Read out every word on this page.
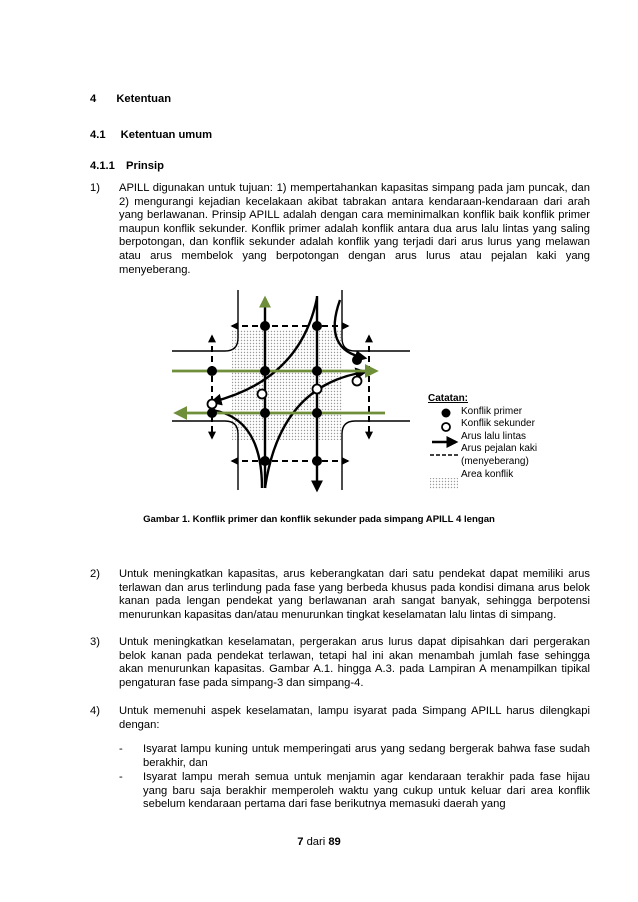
4 Ketentuan
4.1 Ketentuan umum
4.1.1 Prinsip
1) APILL digunakan untuk tujuan: 1) mempertahankan kapasitas simpang pada jam puncak, dan 2) mengurangi kejadian kecelakaan akibat tabrakan antara kendaraan-kendaraan dari arah yang berlawanan. Prinsip APILL adalah dengan cara meminimalkan konflik baik konflik primer maupun konflik sekunder. Konflik primer adalah konflik antara dua arus lalu lintas yang saling berpotongan, dan konflik sekunder adalah konflik yang terjadi dari arus lurus yang melawan atau arus membelok yang berpotongan dengan arus lurus atau pejalan kaki yang menyeberang.
Catatan:
Konflik primer
Konflik sekunder
Arus lalu lintas
Arus pejalan kaki
(menyeberang)
Area konflik
Gambar 1. Konflik primer dan konflik sekunder pada simpang APILL 4 lengan
2) Untuk meningkatkan kapasitas, arus keberangkatan dari satu pendekat dapat memiliki arus terlawan dan arus terlindung pada fase yang berbeda khusus pada kondisi dimana arus belok kanan pada lengan pendekat yang berlawanan arah sangat banyak, sehingga berpotensi menurunkan kapasitas dan/atau menurunkan tingkat keselamatan lalu lintas di simpang.
3) Untuk meningkatkan keselamatan, pergerakan arus lurus dapat dipisahkan dari pergerakan belok kanan pada pendekat terlawan, tetapi hal ini akan menambah jumlah fase sehingga akan menurunkan kapasitas. Gambar A.1. hingga A.3. pada Lampiran A menampilkan tipikal pengaturan fase pada simpang-3 dan simpang-4.
4) Untuk memenuhi aspek keselamatan, lampu isyarat pada Simpang APILL harus dilengkapi dengan:
- Isyarat lampu kuning untuk memperingati arus yang sedang bergerak bahwa fase sudah berakhir, dan
- Isyarat lampu merah semua untuk menjamin agar kendaraan terakhir pada fase hijau yang baru saja berakhir memperoleh waktu yang cukup untuk keluar dari area konflik sebelum kendaraan pertama dari fase berikutnya memasuki daerah yang
7 dari 89
